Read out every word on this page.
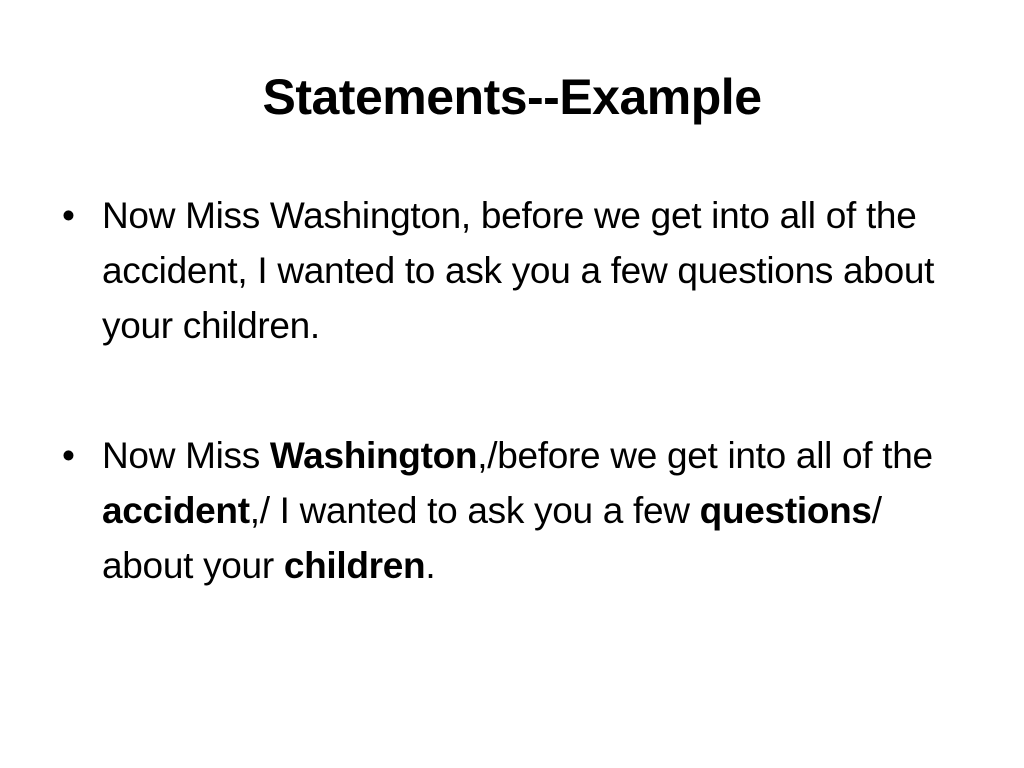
Statements--Example
• Now Miss Washington, before we get into all of the accident, I wanted to ask you a few questions about your children.
• Now Miss Washington,/before we get into all of the accident,/ I wanted to ask you a few questions/ about your children.
